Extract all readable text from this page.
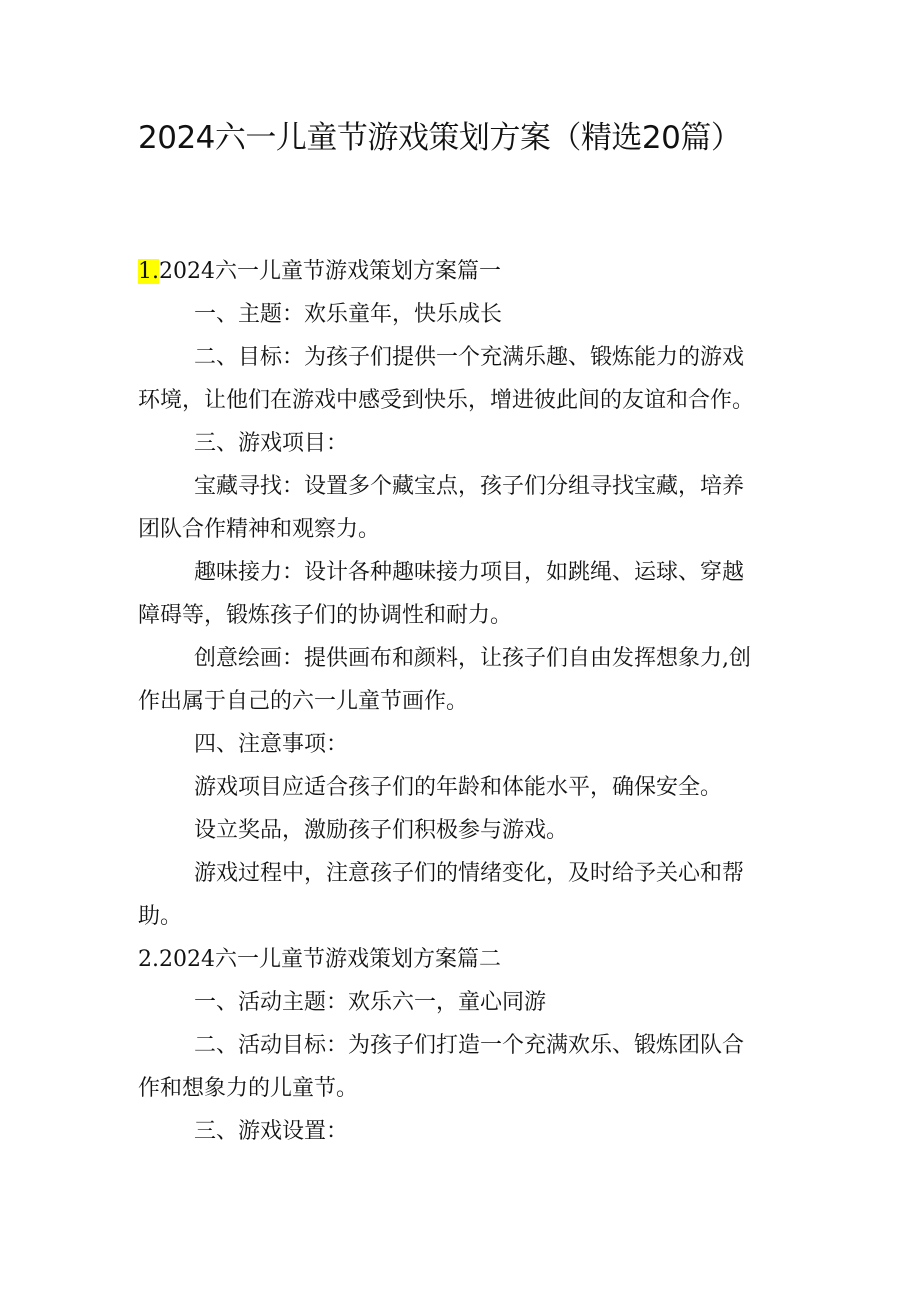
2024六一儿童节游戏策划方案（精选20篇）

1.2024六一儿童节游戏策划方案篇一

一、主题：欢乐童年，快乐成长

二、目标：为孩子们提供一个充满乐趣、锻炼能力的游戏

环境，让他们在游戏中感受到快乐，增进彼此间的友谊和合作。

三、游戏项目：

宝藏寻找：设置多个藏宝点，孩子们分组寻找宝藏，培养

团队合作精神和观察力。

趣味接力：设计各种趣味接力项目，如跳绳、运球、穿越

障碍等，锻炼孩子们的协调性和耐力。

创意绘画：提供画布和颜料，让孩子们自由发挥想象力,创

作出属于自己的六一儿童节画作。

四、注意事项：

游戏项目应适合孩子们的年龄和体能水平，确保安全。

设立奖品，激励孩子们积极参与游戏。

游戏过程中，注意孩子们的情绪变化，及时给予关心和帮

助。

2.2024六一儿童节游戏策划方案篇二

一、活动主题：欢乐六一，童心同游

二、活动目标：为孩子们打造一个充满欢乐、锻炼团队合

作和想象力的儿童节。

三、游戏设置：
